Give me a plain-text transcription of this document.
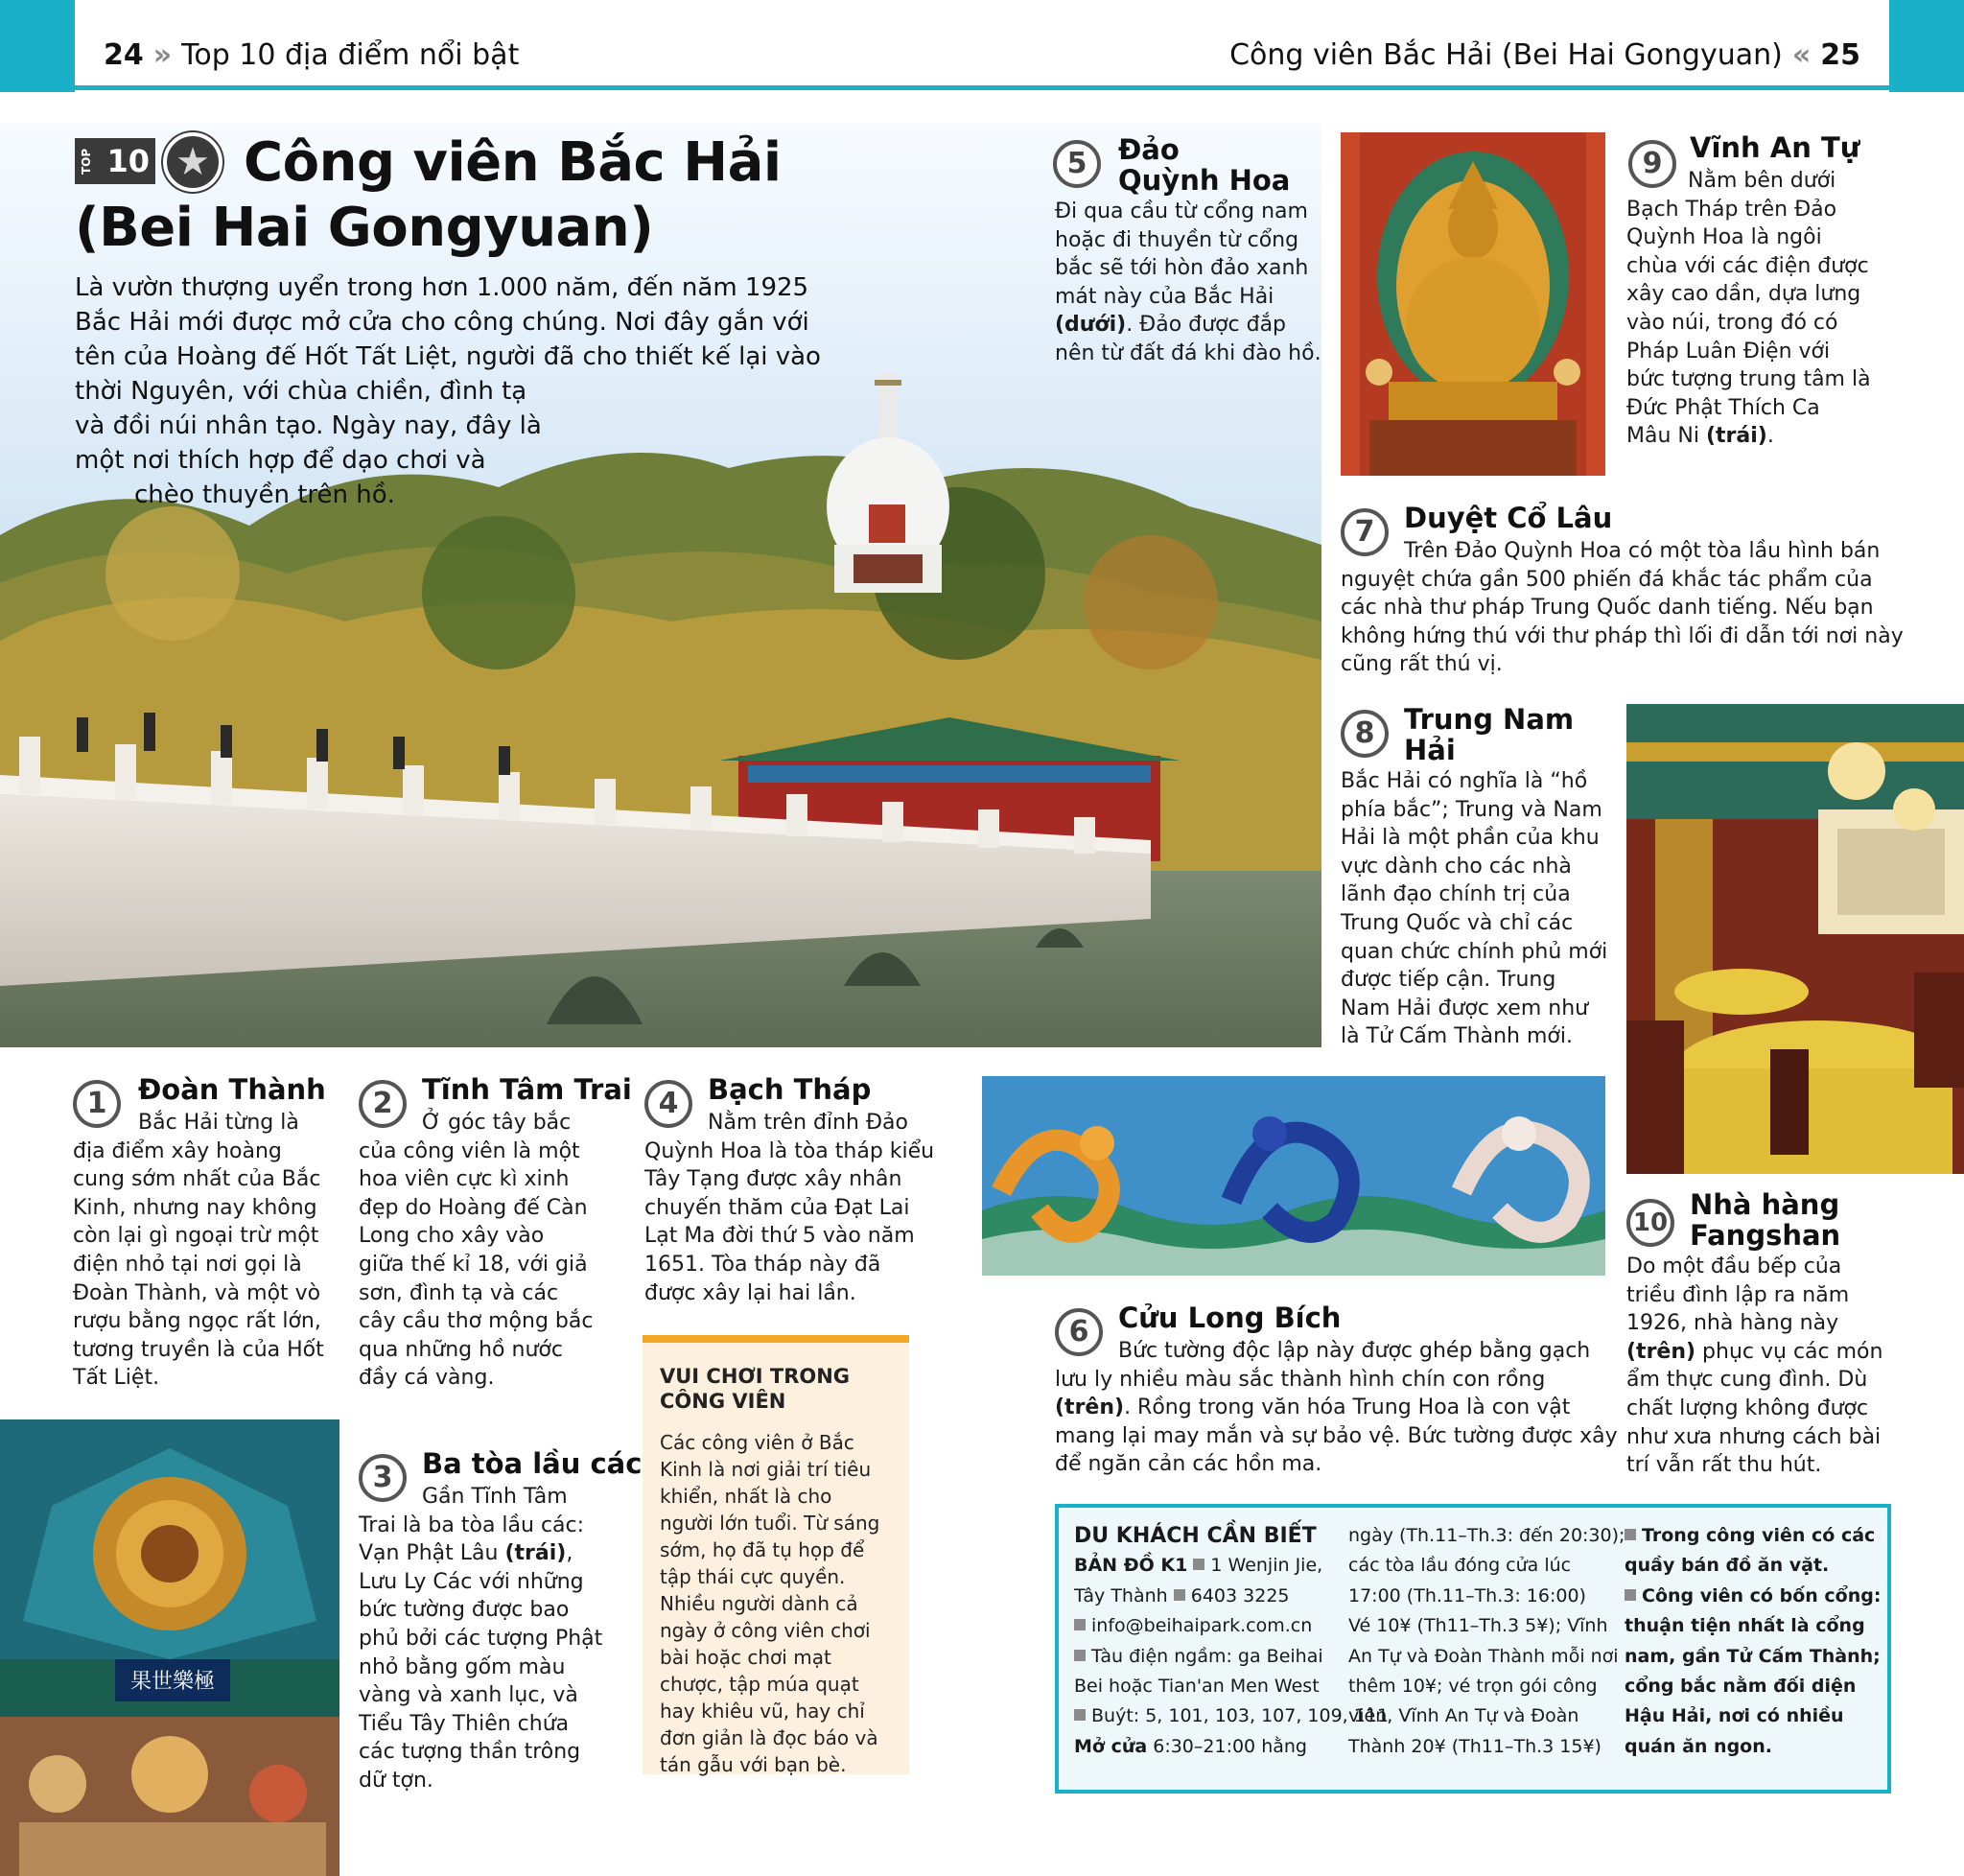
24 » Top 10 địa điểm nổi bật	Công viên Bắc Hải (Bei Hai Gongyuan) « 25
TOP 10 ★ Công viên Bắc Hải (Bei Hai Gongyuan)
Là vườn thượng uyển trong hơn 1.000 năm, đến năm 1925
Bắc Hải mới được mở cửa cho công chúng. Nơi đây gắn với
tên của Hoàng đế Hốt Tất Liệt, người đã cho thiết kế lại vào
thời Nguyên, với chùa chiền, đình tạ
và đồi núi nhân tạo. Ngày nay, đây là
một nơi thích hợp để dạo chơi và
chèo thuyền trên hồ.
5	Đảo
Quỳnh Hoa
Đi qua cầu từ cổng nam
hoặc đi thuyền từ cổng
bắc sẽ tới hòn đảo xanh
mát này của Bắc Hải
(dưới). Đảo được đắp
nên từ đất đá khi đào hồ.
9 Vĩnh An Tự
Nằm bên dưới
Bạch Tháp trên Đảo
Quỳnh Hoa là ngôi
chùa với các điện được
xây cao dần, dựa lưng
vào núi, trong đó có
Pháp Luân Điện với
bức tượng trung tâm là
Đức Phật Thích Ca
Mâu Ni (trái).
7	Duyệt Cổ Lâu
Trên Đảo Quỳnh Hoa có một tòa lầu hình bán
nguyệt chứa gần 500 phiến đá khắc tác phẩm của
các nhà thư pháp Trung Quốc danh tiếng. Nếu bạn
không hứng thú với thư pháp thì lối đi dẫn tới nơi này
cũng rất thú vị.
8	Trung Nam
Hải
Bắc Hải có nghĩa là “hồ
phía bắc”; Trung và Nam
Hải là một phần của khu
vực dành cho các nhà
lãnh đạo chính trị của
Trung Quốc và chỉ các
quan chức chính phủ mới
được tiếp cận. Trung
Nam Hải được xem như
là Tử Cấm Thành mới.
6	Cửu Long Bích
Bức tường độc lập này được ghép bằng gạch
lưu ly nhiều màu sắc thành hình chín con rồng
(trên). Rồng trong văn hóa Trung Hoa là con vật
mang lại may mắn và sự bảo vệ. Bức tường được xây
để ngăn cản các hồn ma.
10
Nhà hàng
Fangshan
Do một đầu bếp của
triều đình lập ra năm
1926, nhà hàng này
(trên) phục vụ các món
ẩm thực cung đình. Dù
chất lượng không được
như xưa nhưng cách bài
trí vẫn rất thu hút.
1	Đoàn Thành
Bắc Hải từng là
địa điểm xây hoàng
cung sớm nhất của Bắc
Kinh, nhưng nay không
còn lại gì ngoại trừ một
điện nhỏ tại nơi gọi là
Đoàn Thành, và một vò
rượu bằng ngọc rất lớn,
tương truyền là của Hốt
Tất Liệt.
2	Tĩnh Tâm Trai
Ở góc tây bắc
của công viên là một
hoa viên cực kì xinh
đẹp do Hoàng đế Càn
Long cho xây vào
giữa thế kỉ 18, với giả
sơn, đình tạ và các
cây cầu thơ mộng bắc
qua những hồ nước
đầy cá vàng.
4	Bạch Tháp
Nằm trên đỉnh Đảo
Quỳnh Hoa là tòa tháp kiểu
Tây Tạng được xây nhân
chuyến thăm của Đạt Lai
Lạt Ma đời thứ 5 vào năm
1651. Tòa tháp này đã
được xây lại hai lần.
VUI CHƠI TRONG
CÔNG VIÊN
Các công viên ở Bắc
Kinh là nơi giải trí tiêu
khiển, nhất là cho
người lớn tuổi. Từ sáng
sớm, họ đã tụ họp để
tập thái cực quyền.
Nhiều người dành cả
ngày ở công viên chơi
bài hoặc chơi mạt
chược, tập múa quạt
hay khiêu vũ, hay chỉ
đơn giản là đọc báo và
tán gẫu với bạn bè.
3	Ba tòa lầu các
Gần Tĩnh Tâm
Trai là ba tòa lầu các:
Vạn Phật Lâu (trái),
Lưu Ly Các với những
bức tường được bao
phủ bởi các tượng Phật
nhỏ bằng gốm màu
vàng và xanh lục, và
Tiểu Tây Thiên chứa
các tượng thần trông
dữ tợn.
果世樂極
DU KHÁCH CẦN BIẾT
BẢN ĐỒ K1 1 Wenjin Jie,
Tây Thành 6403 3225
info@beihaipark.com.cn
Tàu điện ngầm: ga Beihai
Bei hoặc Tian'an Men West
Buýt: 5, 101, 103, 107, 109, 111
Mở cửa 6:30–21:00 hằng
ngày (Th.11–Th.3: đến 20:30);
các tòa lầu đóng cửa lúc
17:00 (Th.11–Th.3: 16:00)
Vé 10¥ (Th11–Th.3 5¥); Vĩnh
An Tự và Đoàn Thành mỗi nơi
thêm 10¥; vé trọn gói công
viên, Vĩnh An Tự và Đoàn
Thành 20¥ (Th11–Th.3 15¥)
Trong công viên có các
quầy bán đồ ăn vặt.
Công viên có bốn cổng:
thuận tiện nhất là cổng
nam, gần Tử Cấm Thành;
cổng bắc nằm đối diện
Hậu Hải, nơi có nhiều
quán ăn ngon.
